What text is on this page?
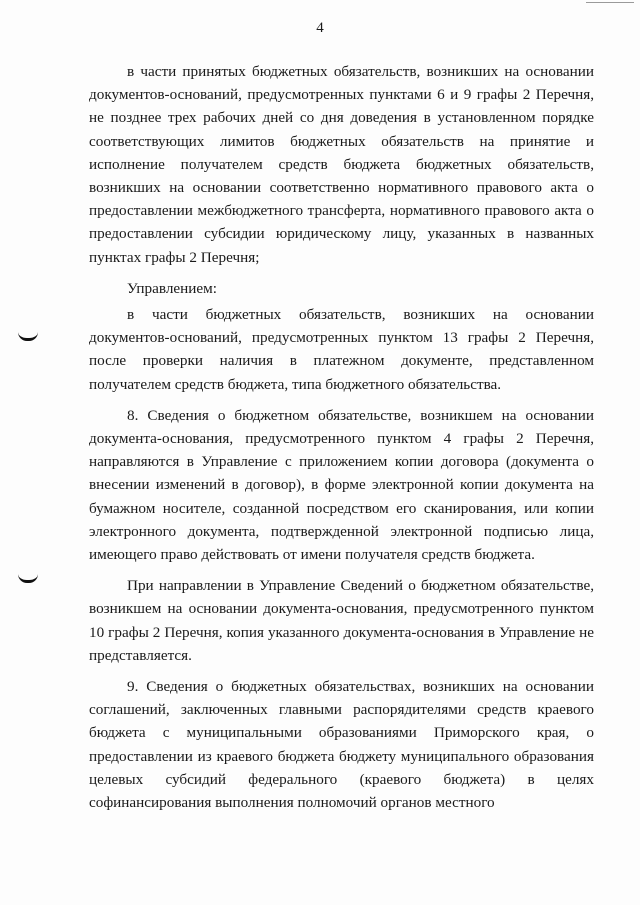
4

в части принятых бюджетных обязательств, возникших на основании документов-оснований, предусмотренных пунктами 6 и 9 графы 2 Перечня, не позднее трех рабочих дней со дня доведения в установленном порядке соответствующих лимитов бюджетных обязательств на принятие и исполнение получателем средств бюджета бюджетных обязательств, возникших на основании соответственно нормативного правового акта о предоставлении межбюджетного трансферта, нормативного правового акта о предоставлении субсидии юридическому лицу, указанных в названных пунктах графы 2 Перечня;

Управлением:

в части бюджетных обязательств, возникших на основании документов-оснований, предусмотренных пунктом 13 графы 2 Перечня, после проверки наличия в платежном документе, представленном получателем средств бюджета, типа бюджетного обязательства.

8. Сведения о бюджетном обязательстве, возникшем на основании документа-основания, предусмотренного пунктом 4 графы 2 Перечня, направляются в Управление с приложением копии договора (документа о внесении изменений в договор), в форме электронной копии документа на бумажном носителе, созданной посредством его сканирования, или копии электронного документа, подтвержденной электронной подписью лица, имеющего право действовать от имени получателя средств бюджета.

При направлении в Управление Сведений о бюджетном обязательстве, возникшем на основании документа-основания, предусмотренного пунктом 10 графы 2 Перечня, копия указанного документа-основания в Управление не представляется.

9. Сведения о бюджетных обязательствах, возникших на основании соглашений, заключенных главными распорядителями средств краевого бюджета с муниципальными образованиями Приморского края, о предоставлении из краевого бюджета бюджету муниципального образования целевых субсидий федерального (краевого бюджета) в целях софинансирования выполнения полномочий органов местного
